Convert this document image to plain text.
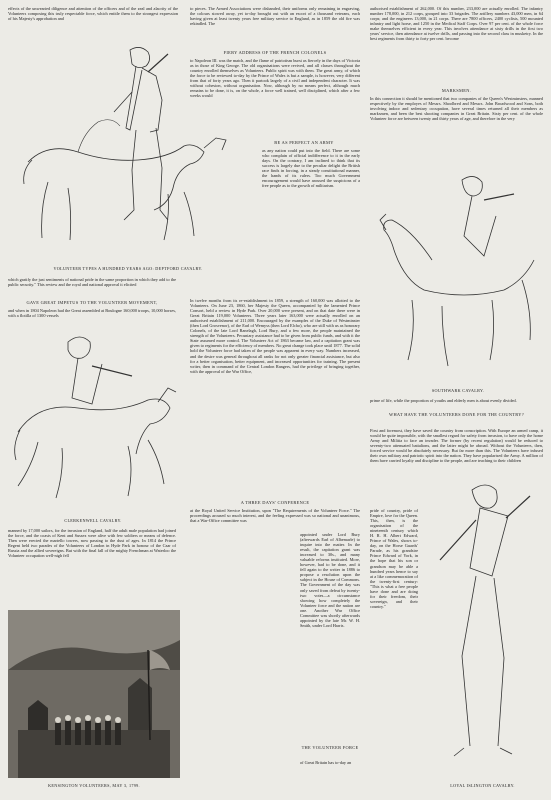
effects of the unwearied diligence and attention of the officers and of the zeal and alacrity of the Volunteers composing this truly respectable force, which entitle them to the strongest expression of his Majesty's approbation and
VOLUNTEER TYPES A HUNDRED YEARS AGO: DEPTFORD CAVALRY.
which gratify the just sentiments of national pride in the same proportion in which they add to the public security." This review and the royal and national approval it elicited
GAVE GREAT IMPETUS TO THE VOLUNTEER MOVEMENT,
and when in 1804 Napoleon had the Great assembled at Boulogne 160,000 troops, 10,000 horses, with a flotilla of 1300 vessels
CLERKENWELL CAVALRY.
manned by 17,000 sailors, for the invasion of England, half the adult male population had joined the force, and the coasts of Kent and Sussex were alive with few soldiers or means of defence. Then were erected the martello towers, now passing to the dust of ages. In 1814 the Prince Regent held two parades of the Volunteers of London in Hyde Park in honour of the Czar of Russia and the allied sovereigns. But with the final fall of the mighty Frenchman at Waterloo the Volunteer occupation well-nigh fell
KENSINGTON VOLUNTEERS, MAY 3, 1799.
to pieces. The Armed Associations were disbanded, their uniforms only remaining in engraving, the colours stowed away, yet to-day brought out with an escort of a thousand veterans, each having given at least twenty years free military service to England, as in 1859 the old fire was rekindled. The
FIERY ADDRESS OF THE FRENCH COLONELS
to Napoleon III. was the match, and the flame of patriotism burst as fiercely in the days of Victoria as in those of King George. The old organisations were revived, and all classes throughout the country enrolled themselves as Volunteers. Public spirit was with them. The great army, of which the force to be reviewed to-day by the Prince of Wales is but a sample, is however, very different from that of forty years ago. Then it partook largely of a civil and independent character. It was without cohesion, without organisation. Now, although by no means perfect, although much remains to be done, it is, on the whole, a force well trained, well disciplined, which after a few weeks would
BE AS PERFECT AN ARMY
as any nation could put into the field. There are some who complain of official indifference to it in the early days. On the contrary, I am inclined to think that its success is largely due to the peculiar delight the British race finds in forcing, in a steady constitutional manner, the hands of its rulers. Too much Government encouragement would have aroused the suspicions of a free people as to the growth of militarism.
In twelve months from its re-establishment in 1859, a strength of 160,000 was allotted to the Volunteers. On June 23, 1860, her Majesty the Queen, accompanied by the lamented Prince Consort, held a review in Hyde Park. Over 20,000 were present, and on that date there were in Great Britain 119,000 Volunteers. Three years later 163,000 were actually enrolled on an authorised establishment of 211,000. Encouraged by the examples of the Duke of Westminster (then Lord Grosvenor), of the Earl of Wemyss (then Lord Elcho), who are still with us as honorary Colonels, of the late Lord Ranelagh, Lord Bury, and a few more, the people maintained the strength of the Volunteers. Pecuniary assistance had to be given from public funds, and with it the State assumed more control. The Volunteer Act of 1863 became law, and a capitation grant was given to regiments for the efficiency of members. No great change took place until 1877. The solid hold the Volunteer force had taken of the people was apparent in every way. Numbers increased, and the desire was general throughout all ranks for not only greater financial assistance, but also for a better organisation, better equipment, and increased opportunities for training. The present writer, then in command of the Central London Rangers, had the privilege of bringing together, with the approval of the War Office,
A THREE DAYS' CONFERENCE
at the Royal United Service Institution, upon "The Requirements of the Volunteer Force." The proceedings aroused so much interest, and the feeling expressed was so national and unanimous, that a War-Office committee was
appointed under Lord Bury (afterwards Earl of Albemarle) to inquire into the matter. In the result, the capitation grant was increased to 30s., and many valuable reforms instituted. More, however, had to be done, and it fell again to the writer in 1886 to propose a resolution upon the subject in the House of Commons. The Government of the day was only saved from defeat by twenty-two votes—a circumstance showing how completely the Volunteer force and the nation are one. Another War Office Committee was shortly afterwards appointed by the late Mr. W. H. Smith, under Lord Harris.
THE VOLUNTEER FORCE
of Great Britain has to-day an
authorised establishment of 262,000. Of this number, 233,000 are actually enrolled. The infantry number 178,000, in 212 corps, grouped into 33 brigades. The artillery numbers 43,000 men, in 64 corps; and the engineers 13,000, in 21 corps. There are 7800 officers, 2400 cyclists, 500 mounted infantry and light horse, and 1250 in the Medical Staff Corps. Over 97 per cent. of the whole force make themselves efficient in every year. This involves attendance at sixty drills in the first two years' service, then attendance at twelve drills, and passing into the second class in musketry. In the best regiments from thirty to forty per cent. become
MARKSMEN.
In this connection it should be mentioned that two companies of the Queen's Westminsters, manned respectively by the employes of Messrs. Shoolbred and Messrs. John Broadwood and Sons, both involving indoor and sedentary occupation, have several times returned all their members as marksmen, and been the best shooting companies in Great Britain. Sixty per cent. of the whole Volunteer force are between twenty and thirty years of age, and therefore in the very
SOUTHWARK CAVALRY.
prime of life, while the proportion of youths and elderly men is about evenly divided.
WHAT HAVE THE VOLUNTEERS DONE FOR THE COUNTRY?
First and foremost, they have saved the country from conscription. With Europe an armed camp, it would be quite impossible, with the smallest regard for safety from invasion, to have only the home Army and Militia to face an invader. The former (by recent regulation) would be reduced to seventy-two attenuated battalions, and the latter might be abroad. Without the Volunteers, then, forced service would be absolutely necessary. But far more than this. The Volunteers have infused their own military and patriotic spirit into the nation. They have popularised the Army. A million of them have carried loyalty and discipline to the people, and are teaching to their children
pride of country, pride of Empire, love for the Queen. This, then, is the organisation of the nineteenth century which H. R. H. Albert Edward, Prince of Wales, shows to-day, on the Horse Guards' Parade, as his grandsire Prince Edward of York, in the hope that his son or grandson may be able a hundred years hence to say at a like commemoration of the twenty-first century: "This is what a free people have done and are doing for their freedom, their sovereign, and their country."
LOYAL ISLINGTON CAVALRY.
